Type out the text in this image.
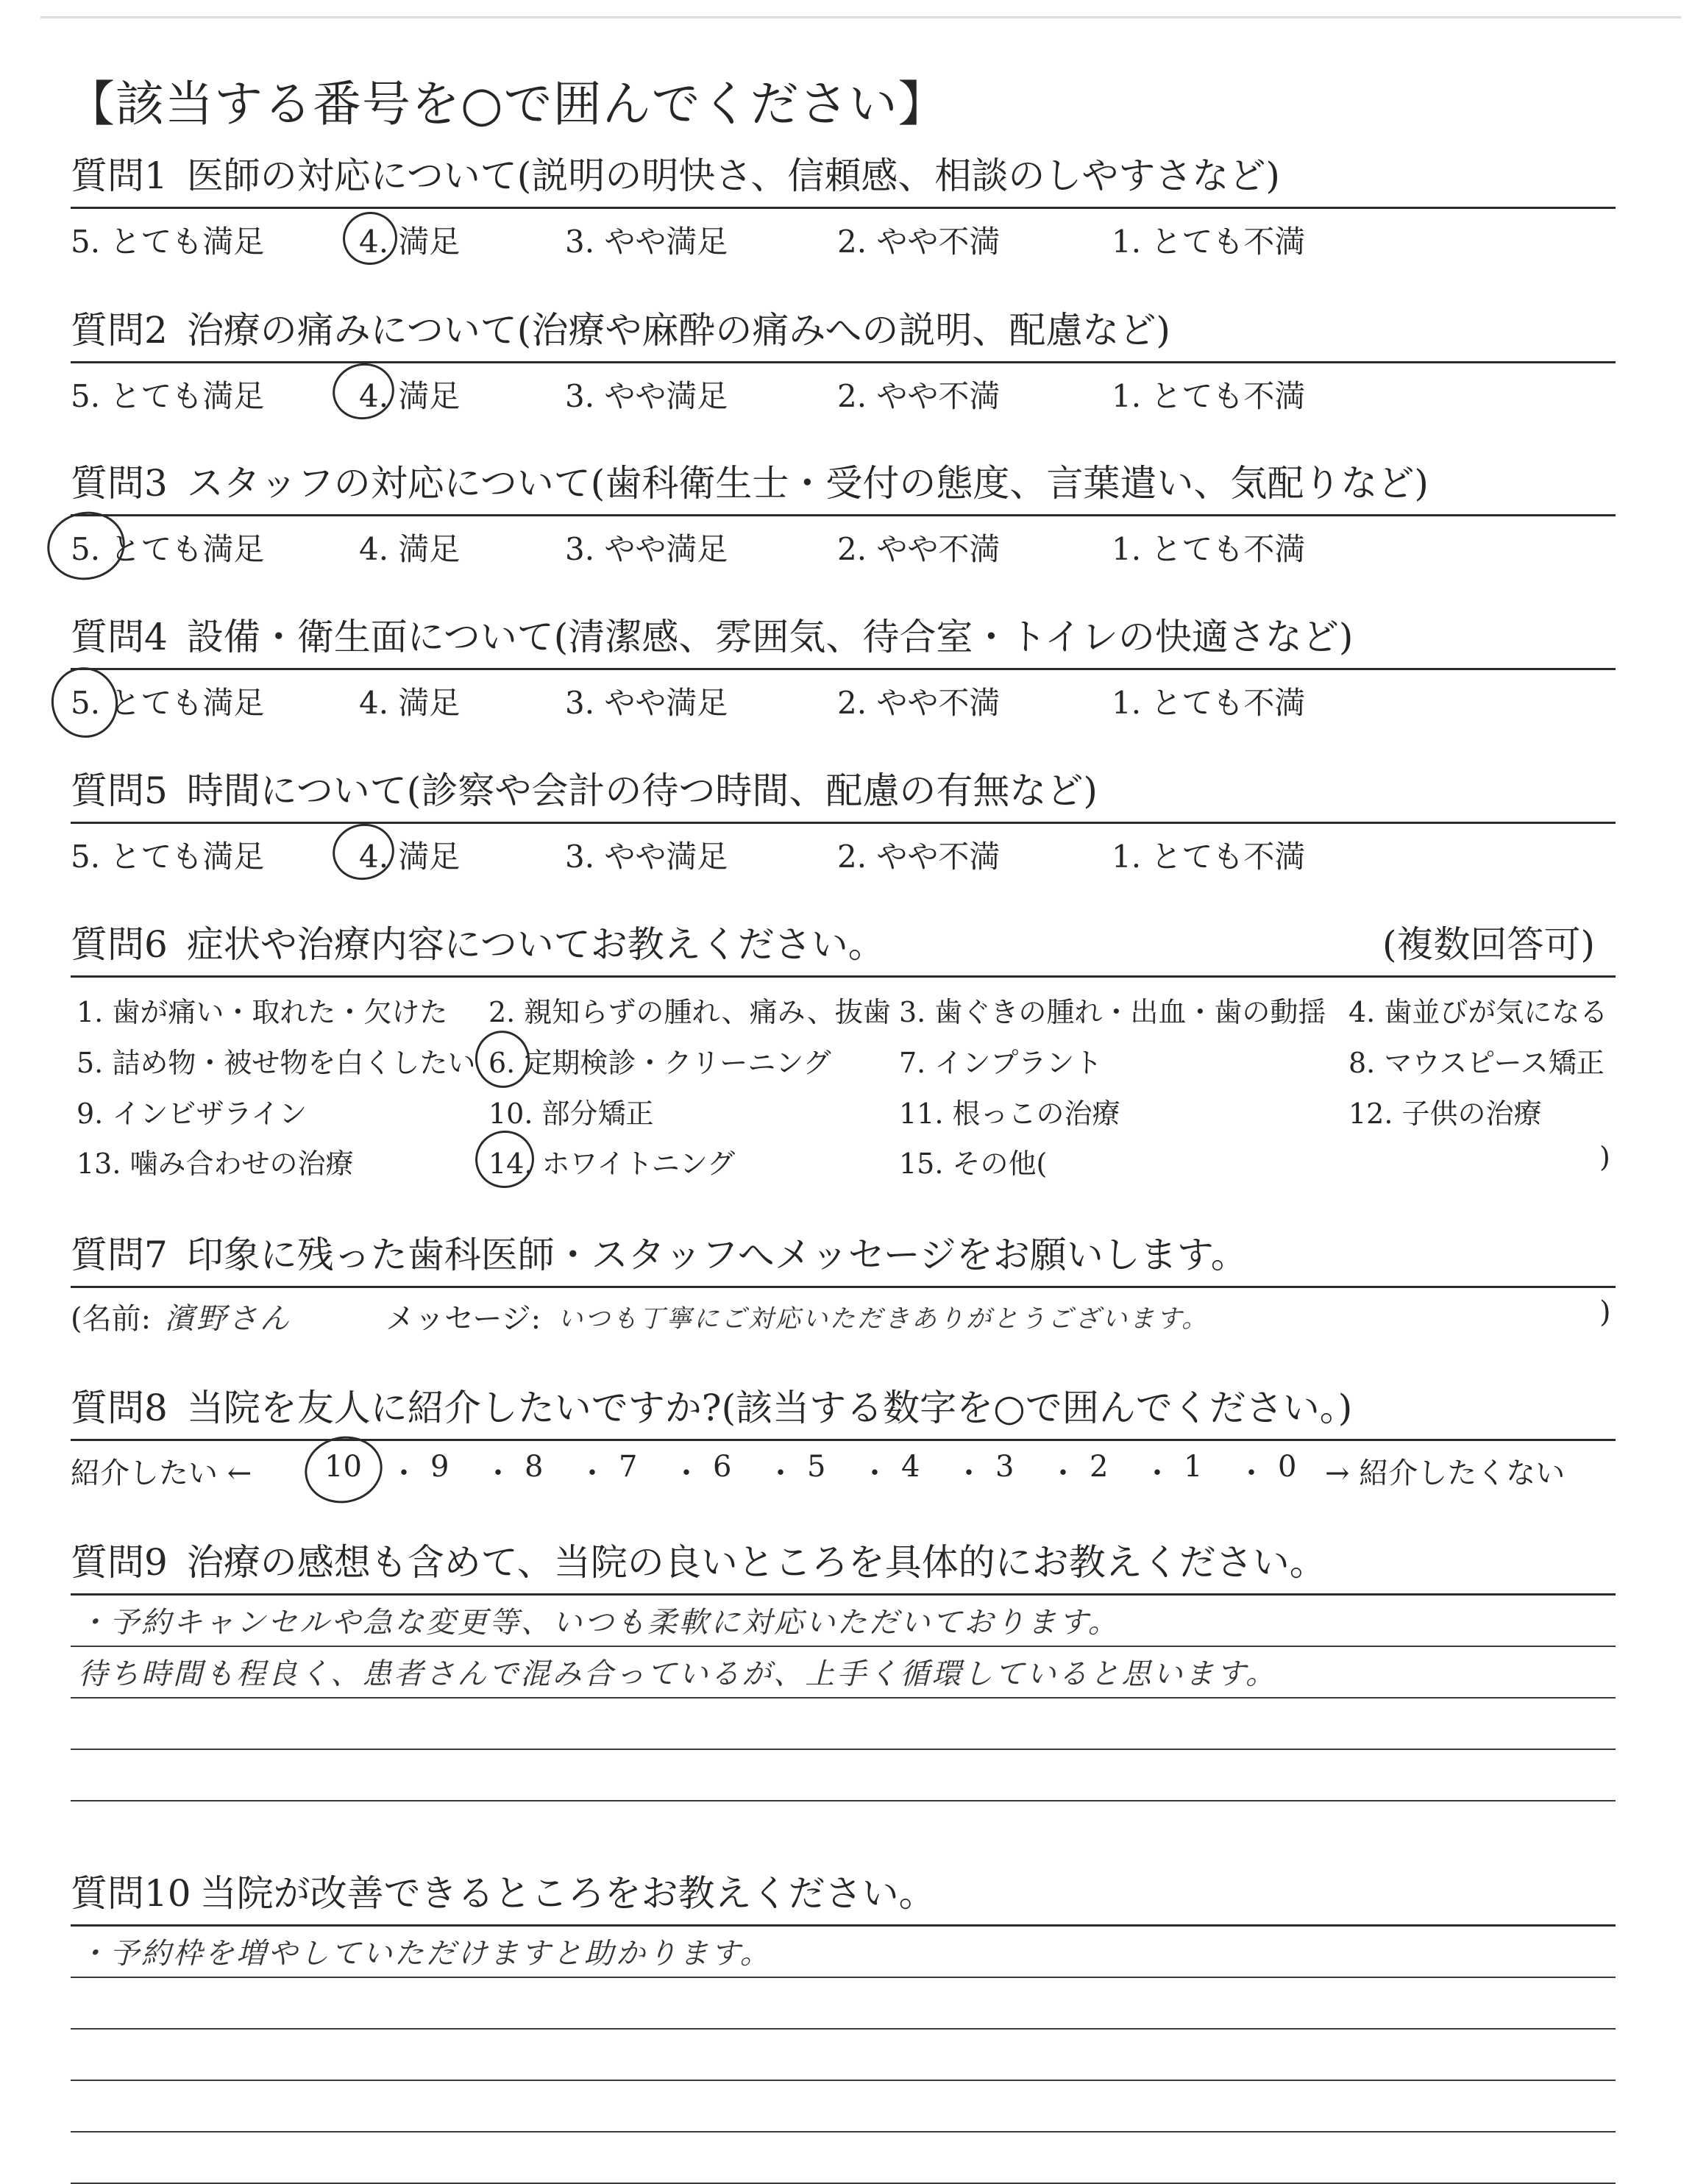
【該当する番号を○で囲んでください】
質問1 医師の対応について(説明の明快さ、信頼感、相談のしやすさなど)
5. とても満足	4. 満足	3. やや満足	2. やや不満	1. とても不満
質問2 治療の痛みについて(治療や麻酔の痛みへの説明、配慮など)
5. とても満足	4. 満足	3. やや満足	2. やや不満	1. とても不満
質問3 スタッフの対応について(歯科衛生士・受付の態度、言葉遣い、気配りなど)
5. とても満足	4. 満足	3. やや満足	2. やや不満	1. とても不満
質問4 設備・衛生面について(清潔感、雰囲気、待合室・トイレの快適さなど)
5. とても満足	4. 満足	3. やや満足	2. やや不満	1. とても不満
質問5 時間について(診察や会計の待つ時間、配慮の有無など)
5. とても満足	4. 満足	3. やや満足	2. やや不満	1. とても不満
質問6 症状や治療内容についてお教えください。	(複数回答可)
1. 歯が痛い・取れた・欠けた 2. 親知らずの腫れ、痛み、抜歯 3. 歯ぐきの腫れ・出血・歯の動揺 4. 歯並びが気になる
5. 詰め物・被せ物を白くしたい 6. 定期検診・クリーニング 7. インプラント	8. マウスピース矯正
9. インビザライン	10. 部分矯正	11. 根っこの治療	12. 子供の治療
13. 噛み合わせの治療	14. ホワイトニング	15. その他(	)
質問7 印象に残った歯科医師・スタッフへメッセージをお願いします。
(名前: 濱野さん	メッセージ: いつも丁寧にご対応いただきありがとうございます。	)
質問8 当院を友人に紹介したいですか?(該当する数字を○で囲んでください。)
紹介したい ← 10 ・ 9 ・ 8 ・ 7 ・ 6 ・ 5 ・ 4 ・ 3 ・ 2 ・ 1 ・ 0 → 紹介したくない
質問9 治療の感想も含めて、当院の良いところを具体的にお教えください。
・予約キャンセルや急な変更等、いつも柔軟に対応いただいております。
待ち時間も程良く、患者さんで混み合っているが、上手く循環していると思います。
質問10 当院が改善できるところをお教えください。
・予約枠を増やしていただけますと助かります。
